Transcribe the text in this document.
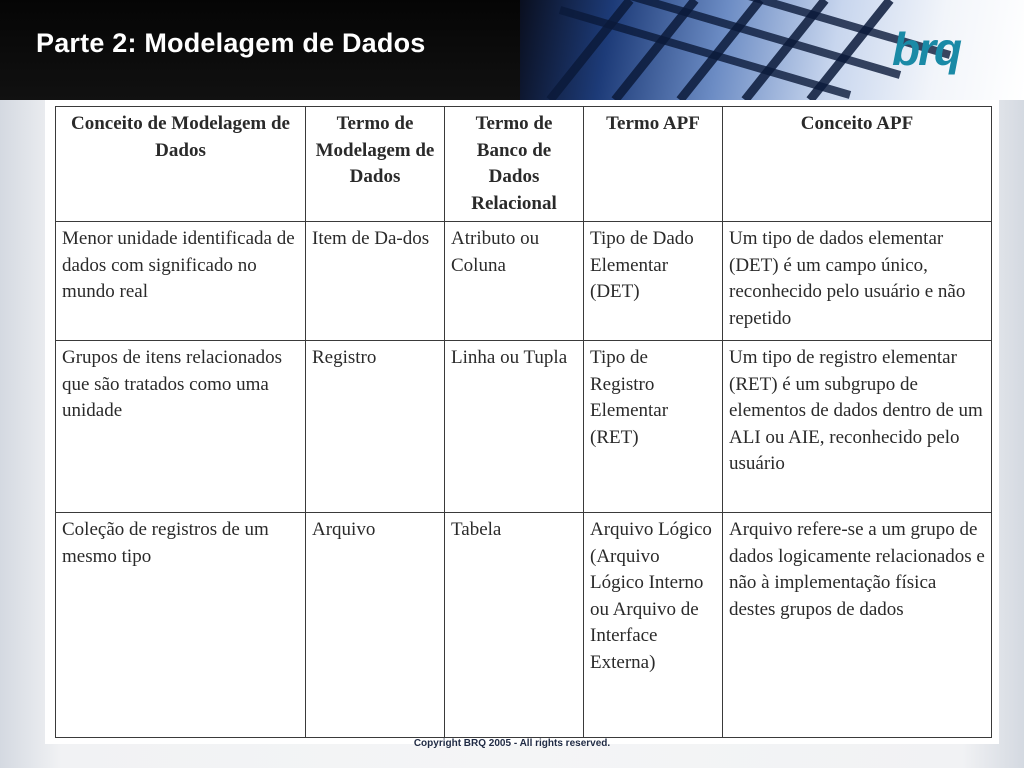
Parte 2: Modelagem de Dados	brq
Conceito de Modelagem de Dados	Termo de Modelagem de Dados	Termo de Banco de Dados Relacional	Termo APF	Conceito APF
Menor unidade identificada de dados com significado no mundo real	Item de Da-dos	Atributo ou Coluna	Tipo de Dado Elementar (DET)	Um tipo de dados elementar (DET) é um campo único, reconhecido pelo usuário e não repetido
Grupos de itens relacionados que são tratados como uma unidade	Registro	Linha ou Tupla	Tipo de Registro Elementar (RET)	Um tipo de registro elementar (RET) é um subgrupo de elementos de dados dentro de um ALI ou AIE, reconhecido pelo usuário
Coleção de registros de um mesmo tipo	Arquivo	Tabela	Arquivo Lógico (Arquivo Lógico Interno ou Arquivo de Interface Externa)	Arquivo refere-se a um grupo de dados logicamente relacionados e não à implementação física destes grupos de dados
Copyright BRQ 2005 - All rights reserved.
